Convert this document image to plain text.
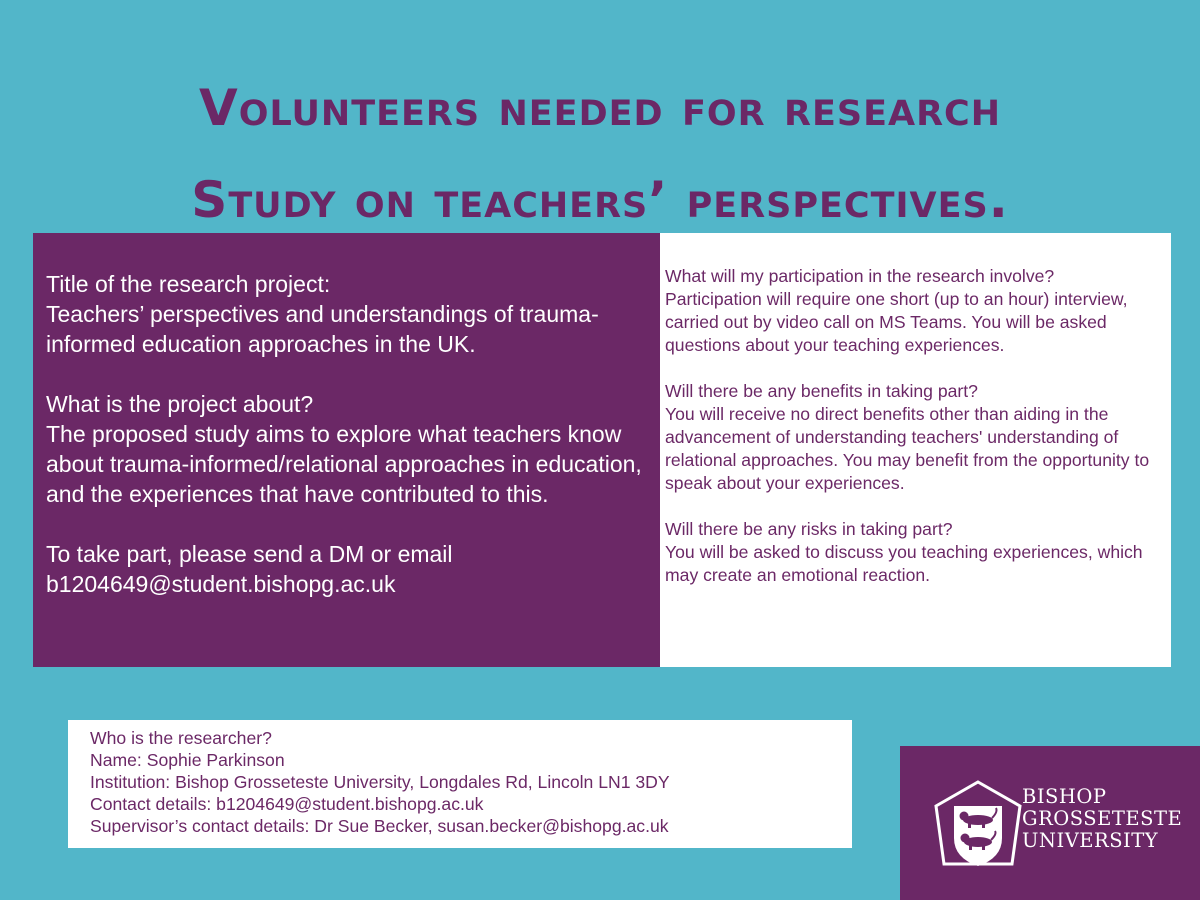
Volunteers needed for research
Study on teachers’ perspectives.

Title of the research project:

Teachers’ perspectives and understandings of trauma-informed education approaches in the UK.

What is the project about?

The proposed study aims to explore what teachers know about trauma-informed/relational approaches in education, and the experiences that have contributed to this.

To take part, please send a DM or email

b1204649@student.bishopg.ac.uk

What will my participation in the research involve?

Participation will require one short (up to an hour) interview, carried out by video call on MS Teams. You will be asked questions about your teaching experiences.

Will there be any benefits in taking part?

You will receive no direct benefits other than aiding in the advancement of understanding teachers' understanding of relational approaches. You may benefit from the opportunity to speak about your experiences.

Will there be any risks in taking part?

You will be asked to discuss you teaching experiences, which may create an emotional reaction.

Who is the researcher?
Name: Sophie Parkinson
Institution: Bishop Grosseteste University, Longdales Rd, Lincoln LN1 3DY
Contact details: b1204649@student.bishopg.ac.uk
Supervisor’s contact details: Dr Sue Becker, susan.becker@bishopg.ac.uk
BISHOP
GROSSETESTE
UNIVERSITY
